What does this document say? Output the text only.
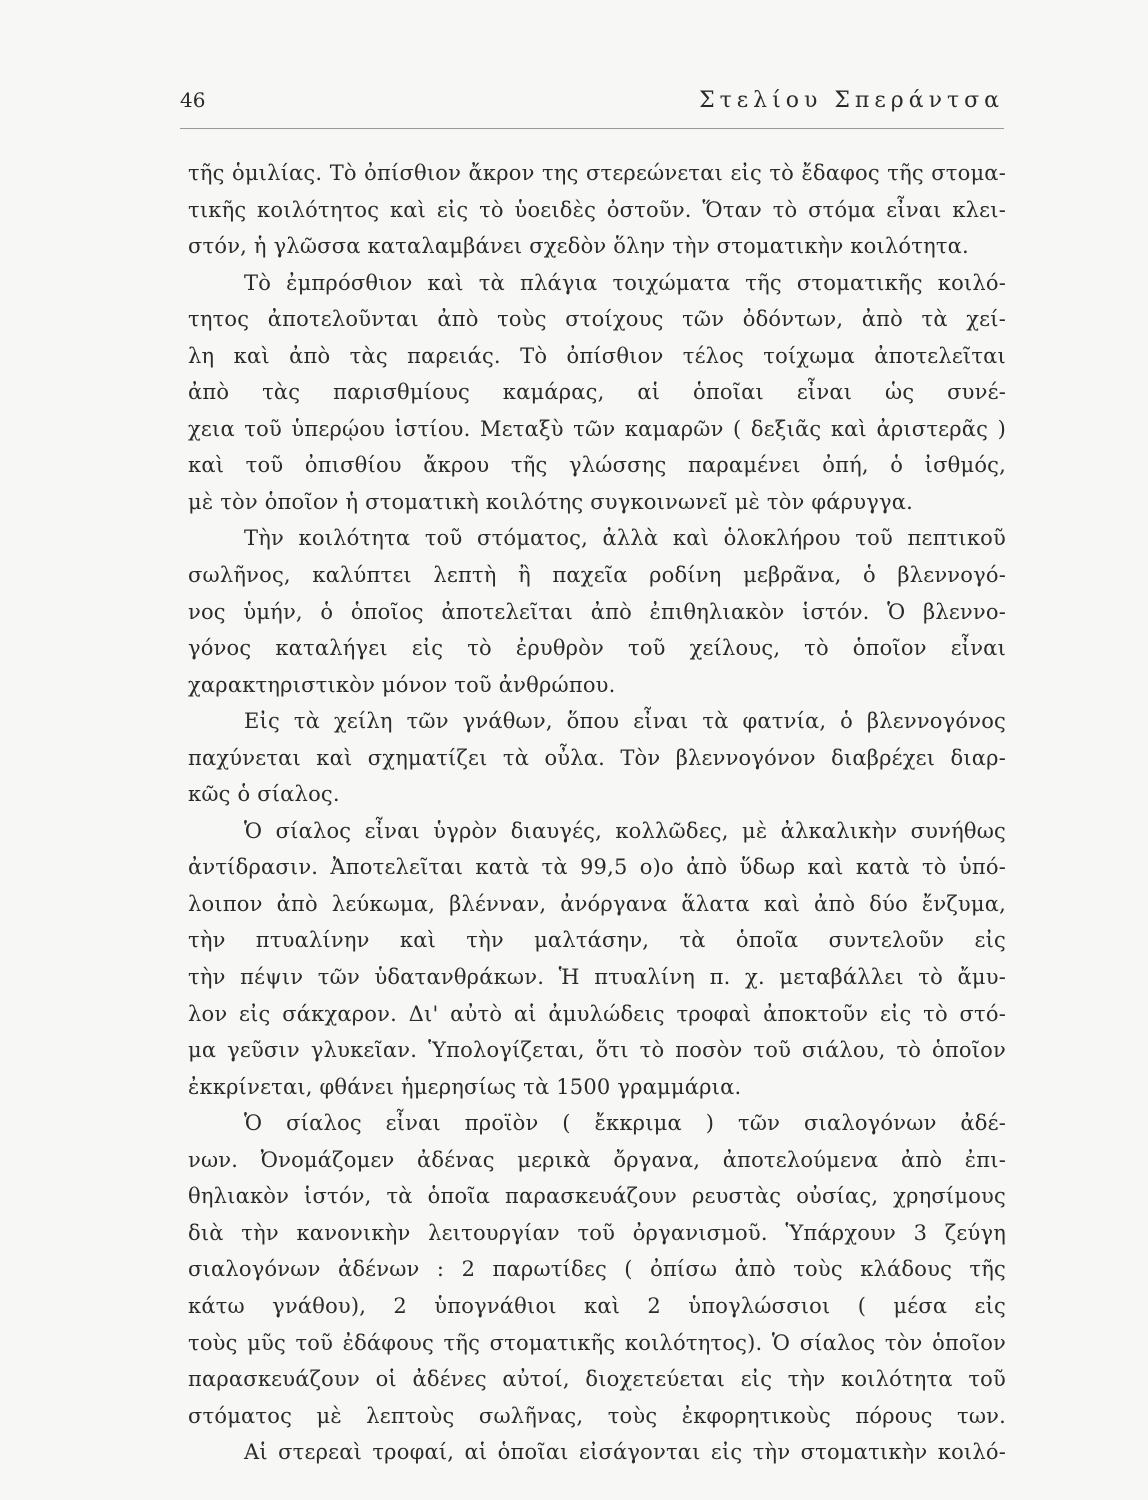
46	Στελίου Σπεράντσα
τῆς ὁμιλίας. Τὸ ὀπίσθιον ἄκρον της στερεώνεται εἰς τὸ ἔδαφος τῆς στομα-
τικῆς κοιλότητος καὶ εἰς τὸ ὑοειδὲς ὀστοῦν. Ὅταν τὸ στόμα εἶναι κλει-
στόν, ἡ γλῶσσα καταλαμβάνει σχεδὸν ὅλην τὴν στοματικὴν κοιλότητα.
Τὸ ἐμπρόσθιον καὶ τὰ πλάγια τοιχώματα τῆς στοματικῆς κοιλό-
τητος ἀποτελοῦνται ἀπὸ τοὺς στοίχους τῶν ὀδόντων, ἀπὸ τὰ χεί-
λη καὶ ἀπὸ τὰς παρειάς. Τὸ ὀπίσθιον τέλος τοίχωμα ἀποτελεῖται
ἀπὸ τὰς παρισθμίους καμάρας, αἱ ὁποῖαι εἶναι ὡς συνέ-
χεια τοῦ ὑπερῴου ἱστίου. Μεταξὺ τῶν καμαρῶν ( δεξιᾶς καὶ ἀριστερᾶς )
καὶ τοῦ ὀπισθίου ἄκρου τῆς γλώσσης παραμένει ὀπή, ὁ ἰσθμός,
μὲ τὸν ὁποῖον ἡ στοματικὴ κοιλότης συγκοινωνεῖ μὲ τὸν φάρυγγα.
Τὴν κοιλότητα τοῦ στόματος, ἀλλὰ καὶ ὁλοκλήρου τοῦ πεπτικοῦ
σωλῆνος, καλύπτει λεπτὴ ἢ παχεῖα ροδίνη μεβρᾶνα, ὁ βλεννογό-
νος ὑμήν, ὁ ὁποῖος ἀποτελεῖται ἀπὸ ἐπιθηλιακὸν ἱστόν. Ὁ βλεννο-
γόνος καταλήγει εἰς τὸ ἐρυθρὸν τοῦ χείλους, τὸ ὁποῖον εἶναι
χαρακτηριστικὸν μόνον τοῦ ἀνθρώπου.
Εἰς τὰ χείλη τῶν γνάθων, ὅπου εἶναι τὰ φατνία, ὁ βλεννογόνος
παχύνεται καὶ σχηματίζει τὰ οὖλα. Τὸν βλεννογόνον διαβρέχει διαρ-
κῶς ὁ σίαλος.
Ὁ σίαλος εἶναι ὑγρὸν διαυγές, κολλῶδες, μὲ ἀλκαλικὴν συνήθως
ἀντίδρασιν. Ἀποτελεῖται κατὰ τὰ 99,5 ο)ο ἀπὸ ὕδωρ καὶ κατὰ τὸ ὑπό-
λοιπον ἀπὸ λεύκωμα, βλένναν, ἀνόργανα ἅλατα καὶ ἀπὸ δύο ἔνζυμα,
τὴν πτυαλίνην καὶ τὴν μαλτάσην, τὰ ὁποῖα συντελοῦν εἰς
τὴν πέψιν τῶν ὑδατανθράκων. Ἡ πτυαλίνη π. χ. μεταβάλλει τὸ ἄμυ-
λον εἰς σάκχαρον. Δι' αὐτὸ αἱ ἀμυλώδεις τροφαὶ ἀποκτοῦν εἰς τὸ στό-
μα γεῦσιν γλυκεῖαν. Ὑπολογίζεται, ὅτι τὸ ποσὸν τοῦ σιάλου, τὸ ὁποῖον
ἐκκρίνεται, φθάνει ἡμερησίως τὰ 1500 γραμμάρια.
Ὁ σίαλος εἶναι προϊὸν ( ἔκκριμα ) τῶν σιαλογόνων ἀδέ-
νων. Ὀνομάζομεν ἀδένας μερικὰ ὄργανα, ἀποτελούμενα ἀπὸ ἐπι-
θηλιακὸν ἱστόν, τὰ ὁποῖα παρασκευάζουν ρευστὰς οὐσίας, χρησίμους
διὰ τὴν κανονικὴν λειτουργίαν τοῦ ὀργανισμοῦ. Ὑπάρχουν 3 ζεύγη
σιαλογόνων ἀδένων : 2 παρωτίδες ( ὀπίσω ἀπὸ τοὺς κλάδους τῆς
κάτω γνάθου), 2 ὑπογνάθιοι καὶ 2 ὑπογλώσσιοι ( μέσα εἰς
τοὺς μῦς τοῦ ἐδάφους τῆς στοματικῆς κοιλότητος). Ὁ σίαλος τὸν ὁποῖον
παρασκευάζουν οἱ ἀδένες αὐτοί, διοχετεύεται εἰς τὴν κοιλότητα τοῦ
στόματος μὲ λεπτοὺς σωλῆνας, τοὺς ἐκφορητικοὺς πόρους των.
Αἱ στερεαὶ τροφαί, αἱ ὁποῖαι εἰσάγονται εἰς τὴν στοματικὴν κοιλό-
